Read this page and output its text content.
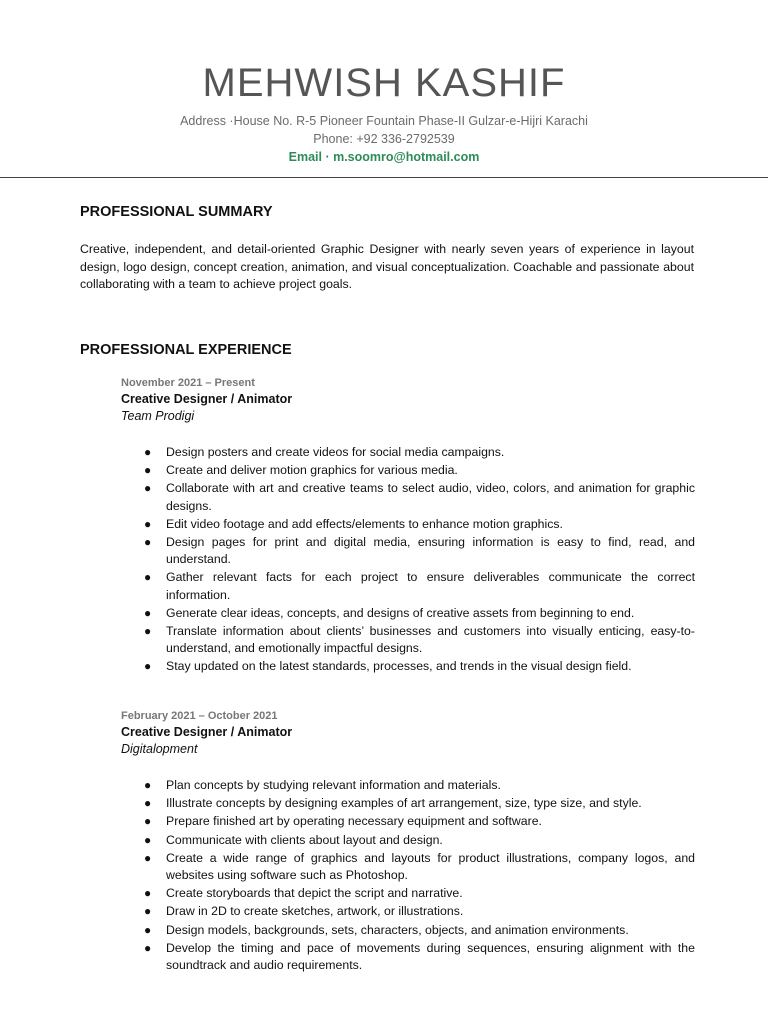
MEHWISH KASHIF
Address ·House No. R-5 Pioneer Fountain Phase-II Gulzar-e-Hijri Karachi
Phone: +92 336-2792539
Email · m.soomro@hotmail.com
PROFESSIONAL SUMMARY
Creative, independent, and detail-oriented Graphic Designer with nearly seven years of experience in layout design, logo design, concept creation, animation, and visual conceptualization. Coachable and passionate about collaborating with a team to achieve project goals.
PROFESSIONAL EXPERIENCE
November 2021 – Present
Creative Designer / Animator
Team Prodigi
● Design posters and create videos for social media campaigns.
● Create and deliver motion graphics for various media.
● Collaborate with art and creative teams to select audio, video, colors, and animation for graphic designs.
● Edit video footage and add effects/elements to enhance motion graphics.
● Design pages for print and digital media, ensuring information is easy to find, read, and understand.
● Gather relevant facts for each project to ensure deliverables communicate the correct information.
● Generate clear ideas, concepts, and designs of creative assets from beginning to end.
● Translate information about clients’ businesses and customers into visually enticing, easy-to-understand, and emotionally impactful designs.
● Stay updated on the latest standards, processes, and trends in the visual design field.
February 2021 – October 2021
Creative Designer / Animator
Digitalopment
● Plan concepts by studying relevant information and materials.
● Illustrate concepts by designing examples of art arrangement, size, type size, and style.
● Prepare finished art by operating necessary equipment and software.
● Communicate with clients about layout and design.
● Create a wide range of graphics and layouts for product illustrations, company logos, and websites using software such as Photoshop.
● Create storyboards that depict the script and narrative.
● Draw in 2D to create sketches, artwork, or illustrations.
● Design models, backgrounds, sets, characters, objects, and animation environments.
● Develop the timing and pace of movements during sequences, ensuring alignment with the soundtrack and audio requirements.
